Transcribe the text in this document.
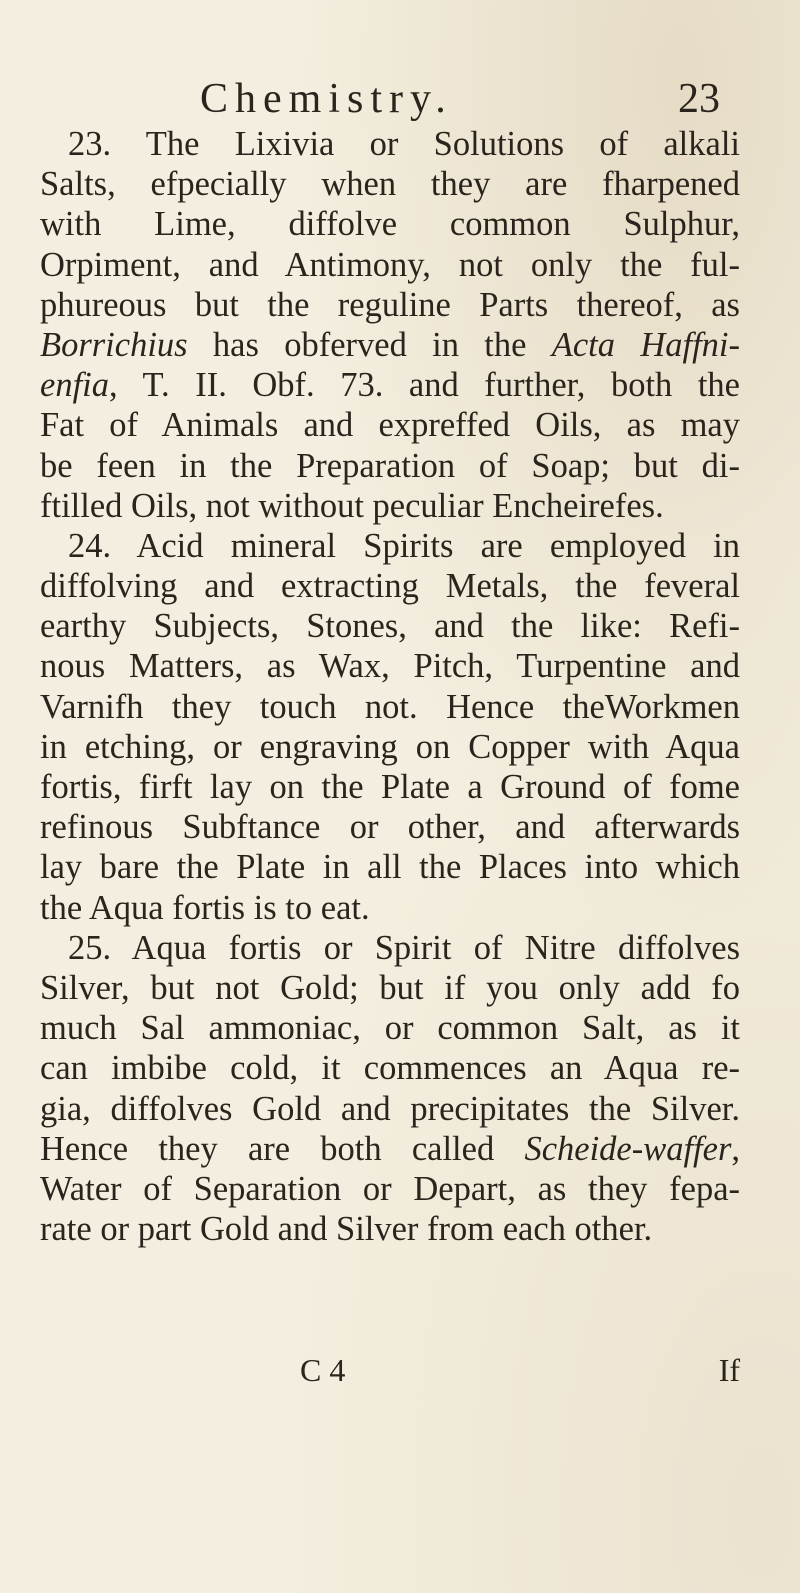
Chemistry.	23
23. The Lixivia or Solutions of alkali
Salts, efpecially when they are fharpened
with Lime, diffolve common Sulphur,
Orpiment, and Antimony, not only the ful-
phureous but the reguline Parts thereof, as
Borrichius has obferved in the Acta Haffni-
enfia, T. II. Obf. 73. and further, both the
Fat of Animals and expreffed Oils, as may
be feen in the Preparation of Soap; but di-
ftilled Oils, not without peculiar Encheirefes.
24. Acid mineral Spirits are employed in
diffolving and extracting Metals, the feveral
earthy Subjects, Stones, and the like: Refi-
nous Matters, as Wax, Pitch, Turpentine and
Varnifh they touch not. Hence theWorkmen
in etching, or engraving on Copper with Aqua
fortis, firft lay on the Plate a Ground of fome
refinous Subftance or other, and afterwards
lay bare the Plate in all the Places into which
the Aqua fortis is to eat.
25. Aqua fortis or Spirit of Nitre diffolves
Silver, but not Gold; but if you only add fo
much Sal ammoniac, or common Salt, as it
can imbibe cold, it commences an Aqua re-
gia, diffolves Gold and precipitates the Silver.
Hence they are both called Scheide-waffer,
Water of Separation or Depart, as they fepa-
rate or part Gold and Silver from each other.
C 4	If
